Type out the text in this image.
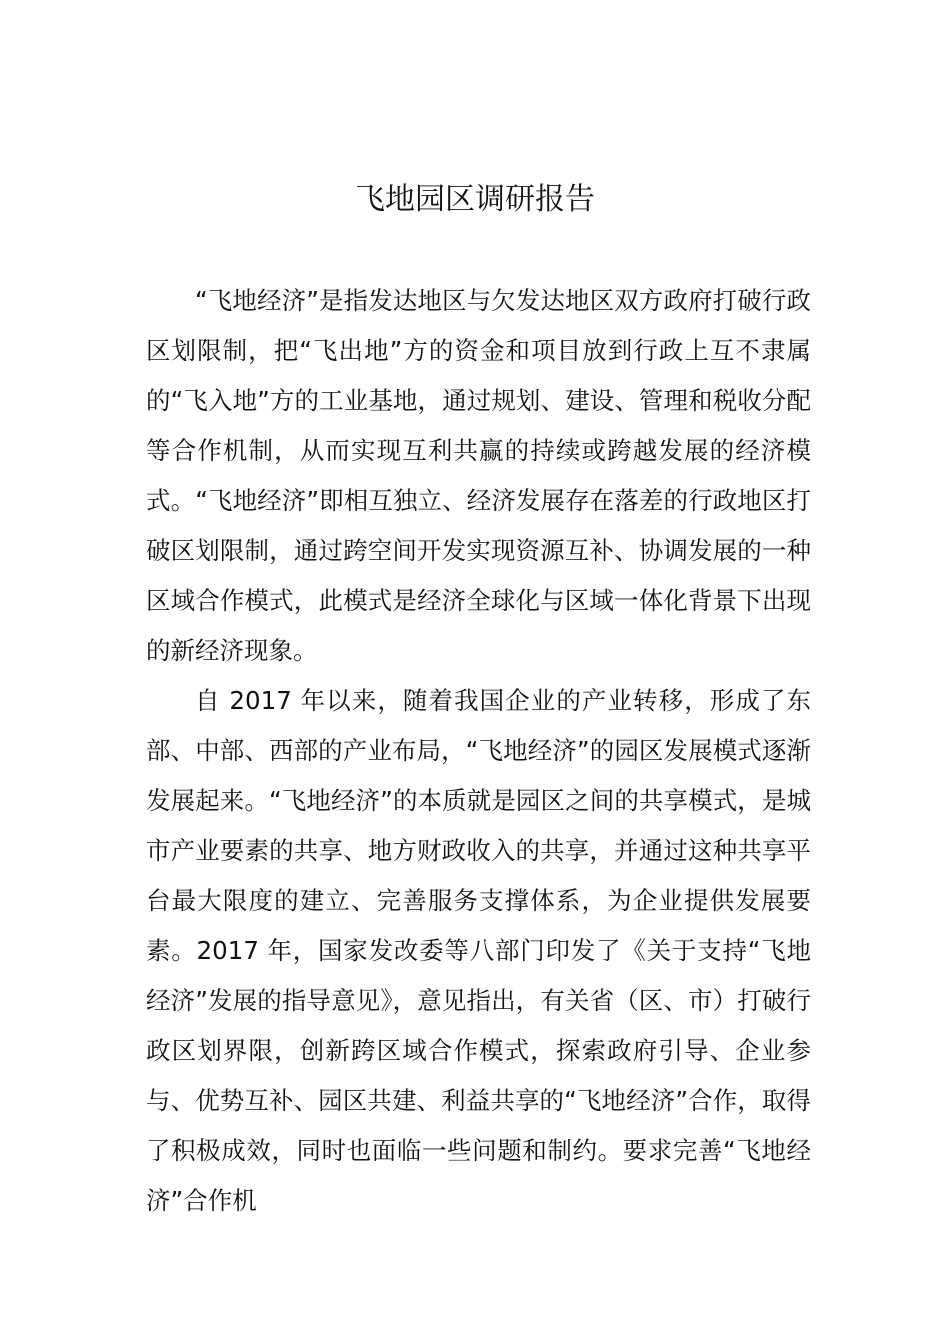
飞地园区调研报告

“飞地经济”是指发达地区与欠发达地区双方政府打破行政区划限制，把“飞出地”方的资金和项目放到行政上互不隶属的“飞入地”方的工业基地，通过规划、建设、管理和税收分配等合作机制，从而实现互利共赢的持续或跨越发展的经济模式。“飞地经济”即相互独立、经济发展存在落差的行政地区打破区划限制，通过跨空间开发实现资源互补、协调发展的一种区域合作模式，此模式是经济全球化与区域一体化背景下出现的新经济现象。

自 2017 年以来，随着我国企业的产业转移，形成了东部、中部、西部的产业布局，“飞地经济”的园区发展模式逐渐发展起来。“飞地经济”的本质就是园区之间的共享模式，是城市产业要素的共享、地方财政收入的共享，并通过这种共享平台最大限度的建立、完善服务支撑体系，为企业提供发展要素。2017 年，国家发改委等八部门印发了《关于支持“飞地经济”发展的指导意见》，意见指出，有关省（区、市）打破行政区划界限，创新跨区域合作模式，探索政府引导、企业参与、优势互补、园区共建、利益共享的“飞地经济”合作，取得了积极成效，同时也面临一些问题和制约。要求完善“飞地经济”合作机
